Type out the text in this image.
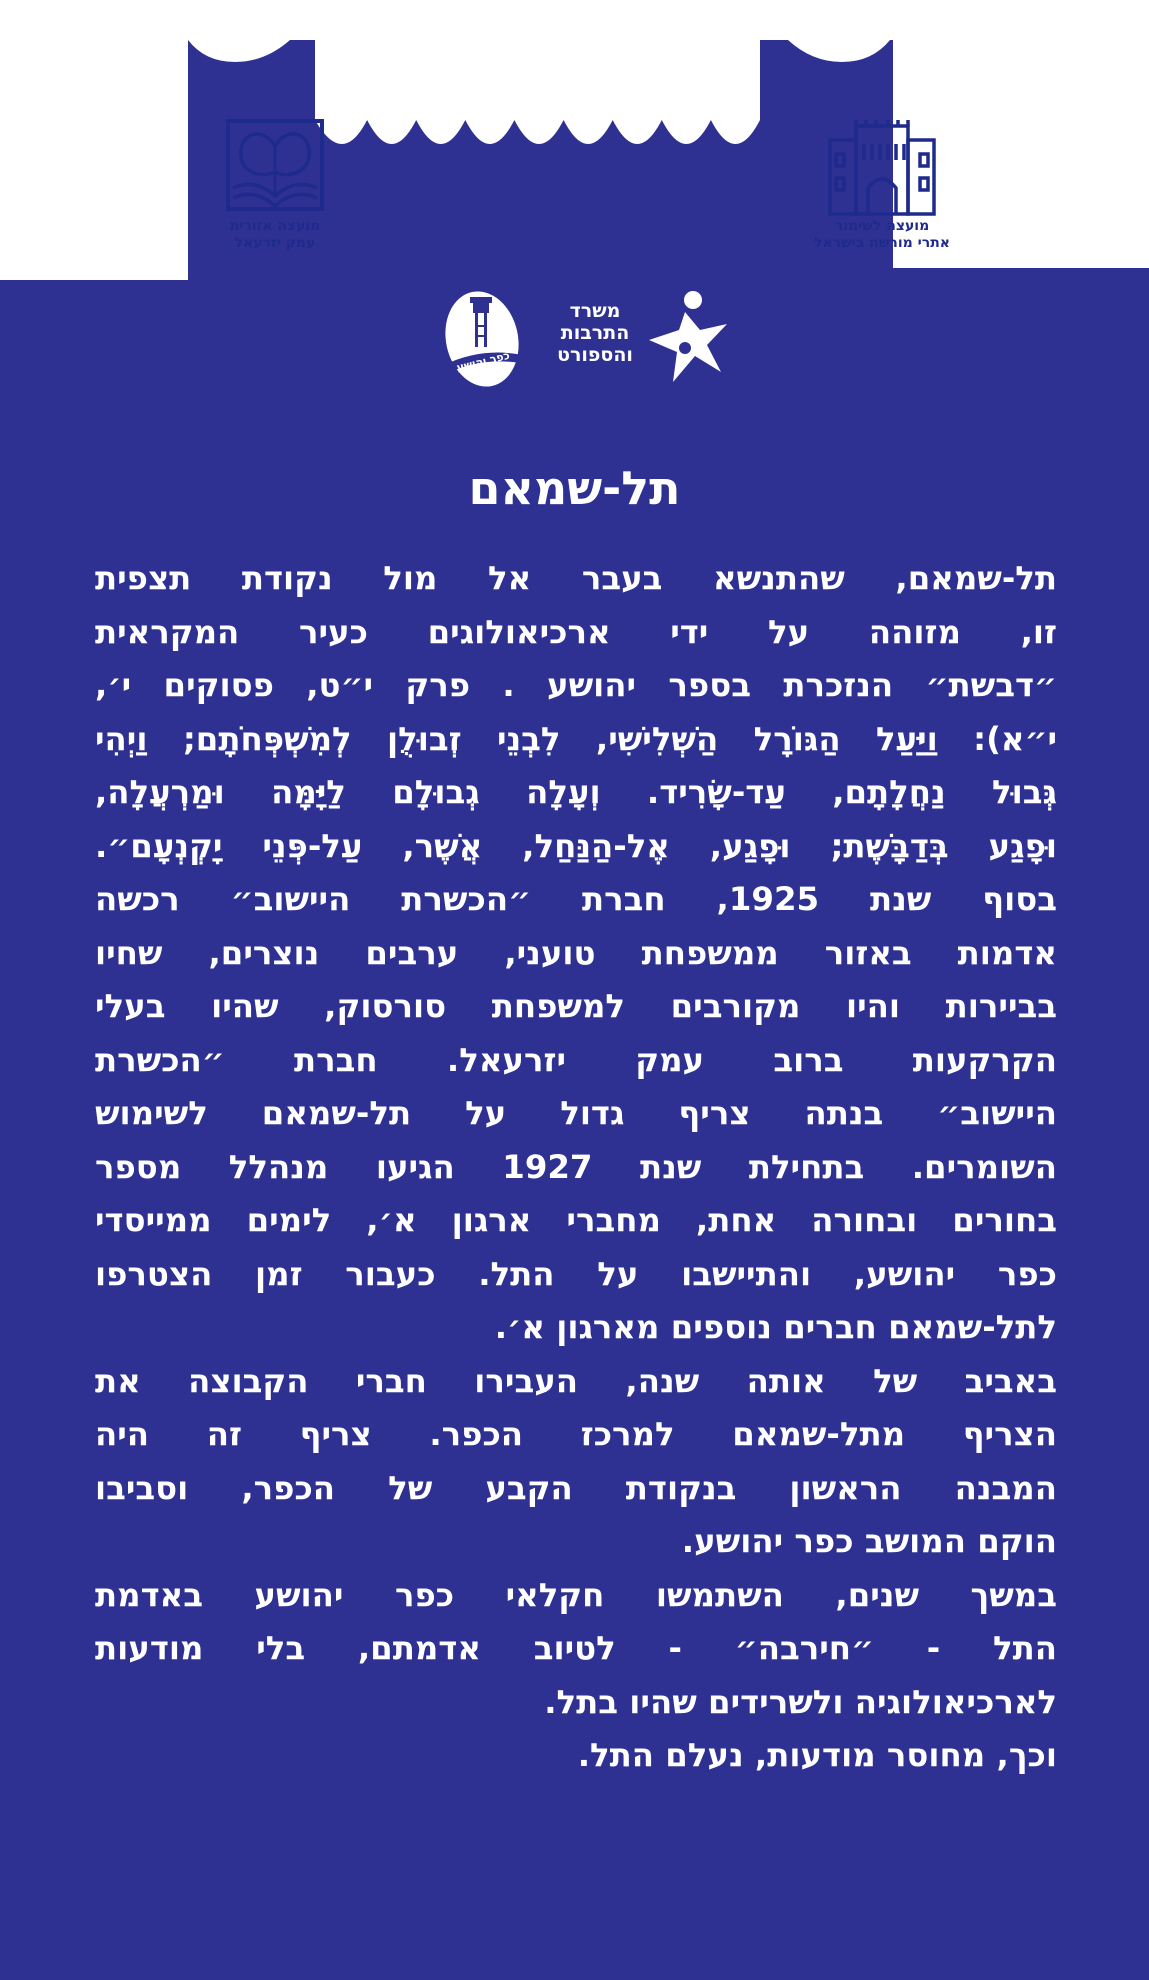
מועצה אזורית
עמק יזרעאל
מועצה לשימור
אתרי מורשת בישראל
משרד
התרבות
והספורט
כפר יהושע
תל-שמאם
תל-שמאם, שהתנשא בעבר אל מול נקודת תצפית
זו, מזוהה על ידי ארכיאולוגים כעיר המקראית
״דבשת״ הנזכרת בספר יהושע . פרק י״ט, פסוקים י׳,
י״א): וַיַּעַל הַגּוֹרָל הַשְּׁלִישִׁי, לִבְנֵי זְבוּלֻן לְמִשְׁפְּחֹתָם; וַיְהִי
גְּבוּל נַחֲלָתָם, עַד-שָׂרִיד. וְעָלָה גְבוּלָם לַיָּמָּה וּמַרְעֲלָה,
וּפָגַע בְּדַבָּשֶׁת; וּפָגַע, אֶל-הַנַּחַל, אֲשֶׁר, עַל-פְּנֵי יָקְנְעָם״.
בסוף שנת 1925, חברת ״הכשרת היישוב״ רכשה
אדמות באזור ממשפחת טועני, ערבים נוצרים, שחיו
בביירות והיו מקורבים למשפחת סורסוק, שהיו בעלי
הקרקעות ברוב עמק יזרעאל. חברת ״הכשרת
היישוב״ בנתה צריף גדול על תל-שמאם לשימוש
השומרים. בתחילת שנת 1927 הגיעו מנהלל מספר
בחורים ובחורה אחת, מחברי ארגון א׳, לימים ממייסדי
כפר יהושע, והתיישבו על התל. כעבור זמן הצטרפו
לתל-שמאם חברים נוספים מארגון א׳.
באביב של אותה שנה, העבירו חברי הקבוצה את
הצריף מתל-שמאם למרכז הכפר. צריף זה היה
המבנה הראשון בנקודת הקבע של הכפר, וסביבו
הוקם המושב כפר יהושע.
במשך שנים, השתמשו חקלאי כפר יהושע באדמת
התל - ״חירבה״ - לטיוב אדמתם, בלי מודעות
לארכיאולוגיה ולשרידים שהיו בתל.
וכך, מחוסר מודעות, נעלם התל.
